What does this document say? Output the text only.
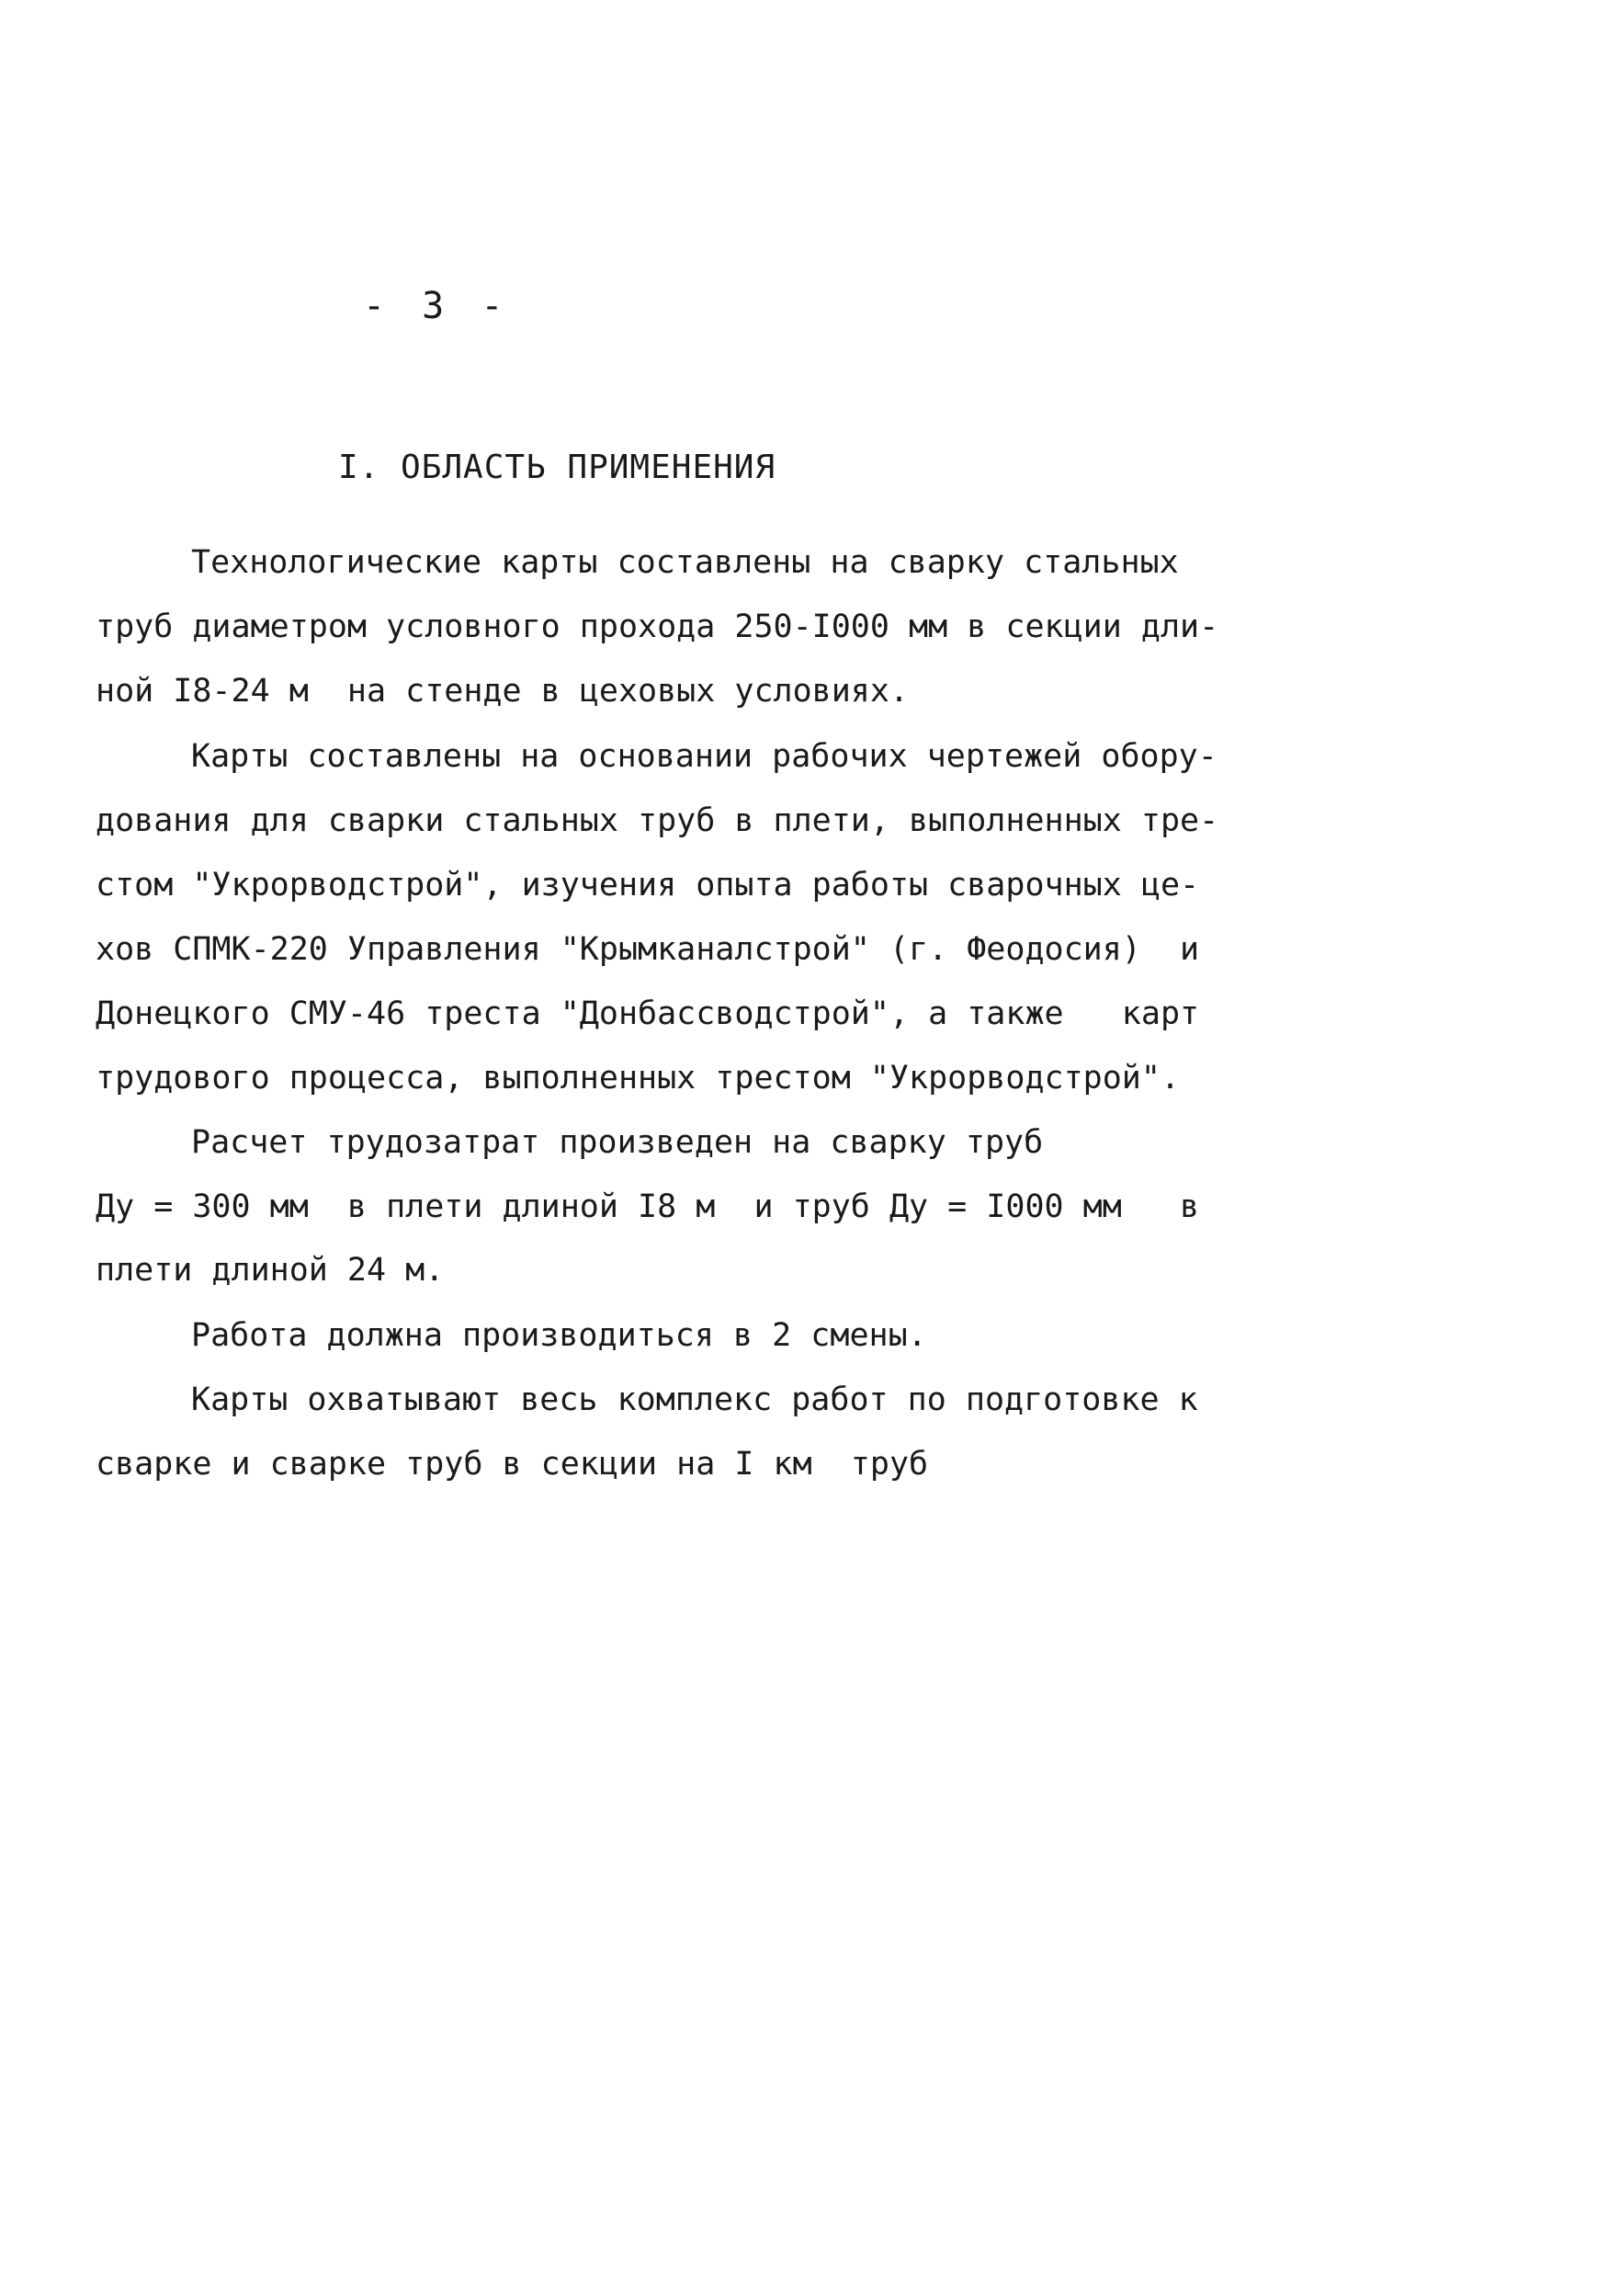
- 3 -
I. ОБЛАСТЬ ПРИМЕНЕНИЯ
Технологические карты составлены на сварку стальных
труб диаметром условного прохода 250-I000 мм в секции дли-
ной I8-24 м  на стенде в цеховых условиях.
Карты составлены на основании рабочих чертежей обору-
дования для сварки стальных труб в плети, выполненных тре-
стом "Укрорводстрой", изучения опыта работы сварочных це-
хов СПМК-220 Управления "Крымканалстрой" (г. Феодосия)  и
Донецкого СМУ-46 треста "Донбассводстрой", а также   карт
трудового процесса, выполненных трестом "Укрорводстрой".
Расчет трудозатрат произведен на сварку труб
Ду = 300 мм  в плети длиной I8 м  и труб Ду = I000 мм   в
плети длиной 24 м.
Работа должна производиться в 2 смены.
Карты охватывают весь комплекс работ по подготовке к
сварке и сварке труб в секции на I км  труб
